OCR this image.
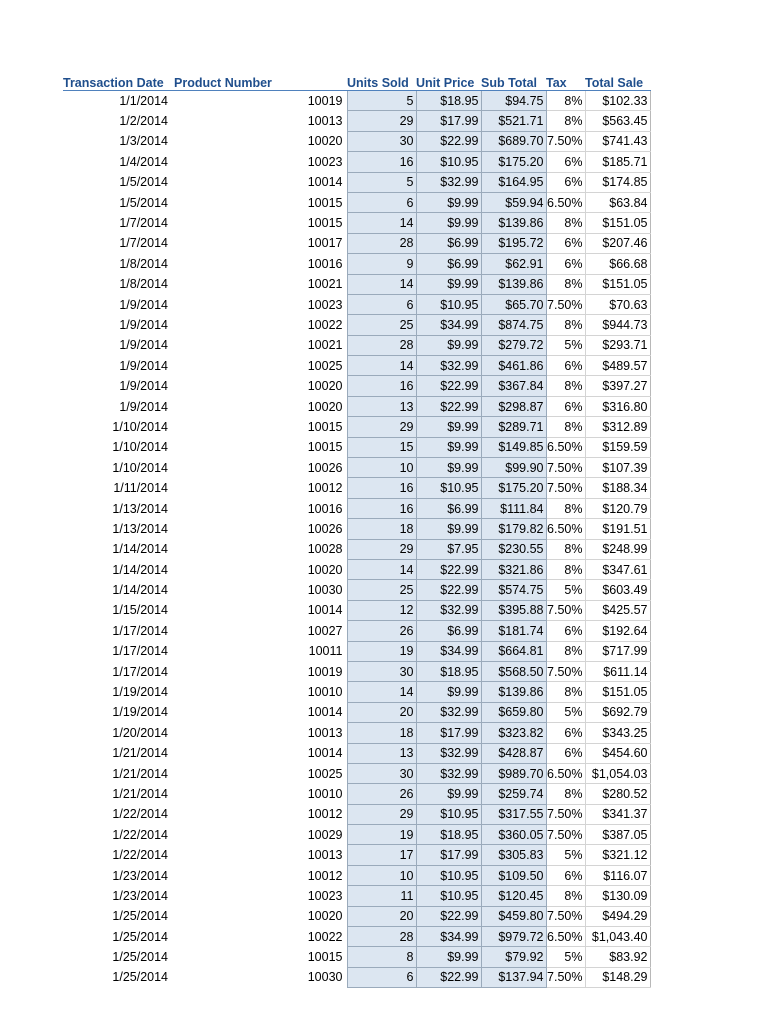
Transaction Date	Product Number	Units Sold	Unit Price	Sub Total	Tax	Total Sale
1/1/2014	10019	5	$18.95	$94.75	8%	$102.33
1/2/2014	10013	29	$17.99	$521.71	8%	$563.45
1/3/2014	10020	30	$22.99	$689.70	7.50%	$741.43
1/4/2014	10023	16	$10.95	$175.20	6%	$185.71
1/5/2014	10014	5	$32.99	$164.95	6%	$174.85
1/5/2014	10015	6	$9.99	$59.94	6.50%	$63.84
1/7/2014	10015	14	$9.99	$139.86	8%	$151.05
1/7/2014	10017	28	$6.99	$195.72	6%	$207.46
1/8/2014	10016	9	$6.99	$62.91	6%	$66.68
1/8/2014	10021	14	$9.99	$139.86	8%	$151.05
1/9/2014	10023	6	$10.95	$65.70	7.50%	$70.63
1/9/2014	10022	25	$34.99	$874.75	8%	$944.73
1/9/2014	10021	28	$9.99	$279.72	5%	$293.71
1/9/2014	10025	14	$32.99	$461.86	6%	$489.57
1/9/2014	10020	16	$22.99	$367.84	8%	$397.27
1/9/2014	10020	13	$22.99	$298.87	6%	$316.80
1/10/2014	10015	29	$9.99	$289.71	8%	$312.89
1/10/2014	10015	15	$9.99	$149.85	6.50%	$159.59
1/10/2014	10026	10	$9.99	$99.90	7.50%	$107.39
1/11/2014	10012	16	$10.95	$175.20	7.50%	$188.34
1/13/2014	10016	16	$6.99	$111.84	8%	$120.79
1/13/2014	10026	18	$9.99	$179.82	6.50%	$191.51
1/14/2014	10028	29	$7.95	$230.55	8%	$248.99
1/14/2014	10020	14	$22.99	$321.86	8%	$347.61
1/14/2014	10030	25	$22.99	$574.75	5%	$603.49
1/15/2014	10014	12	$32.99	$395.88	7.50%	$425.57
1/17/2014	10027	26	$6.99	$181.74	6%	$192.64
1/17/2014	10011	19	$34.99	$664.81	8%	$717.99
1/17/2014	10019	30	$18.95	$568.50	7.50%	$611.14
1/19/2014	10010	14	$9.99	$139.86	8%	$151.05
1/19/2014	10014	20	$32.99	$659.80	5%	$692.79
1/20/2014	10013	18	$17.99	$323.82	6%	$343.25
1/21/2014	10014	13	$32.99	$428.87	6%	$454.60
1/21/2014	10025	30	$32.99	$989.70	6.50%	$1,054.03
1/21/2014	10010	26	$9.99	$259.74	8%	$280.52
1/22/2014	10012	29	$10.95	$317.55	7.50%	$341.37
1/22/2014	10029	19	$18.95	$360.05	7.50%	$387.05
1/22/2014	10013	17	$17.99	$305.83	5%	$321.12
1/23/2014	10012	10	$10.95	$109.50	6%	$116.07
1/23/2014	10023	11	$10.95	$120.45	8%	$130.09
1/25/2014	10020	20	$22.99	$459.80	7.50%	$494.29
1/25/2014	10022	28	$34.99	$979.72	6.50%	$1,043.40
1/25/2014	10015	8	$9.99	$79.92	5%	$83.92
1/25/2014	10030	6	$22.99	$137.94	7.50%	$148.29
